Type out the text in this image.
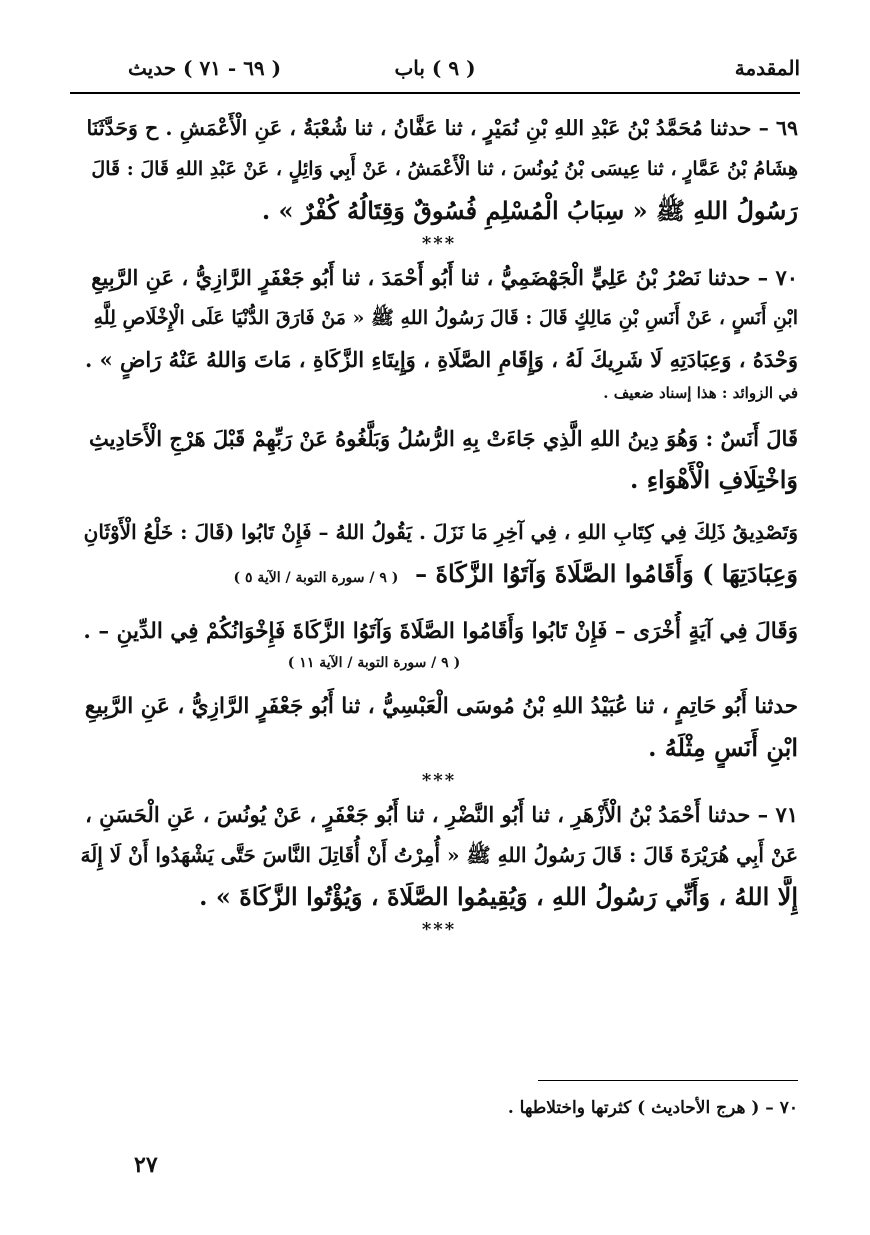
المقدمة
( ٩ ) باب
( ٦٩ - ٧١ ) حديث
٦٩ – حدثنا مُحَمَّدُ بْنُ عَبْدِ اللهِ بْنِ نُمَيْرٍ ، ثنا عَفَّانُ ، ثنا شُعْبَةُ ، عَنِ الْأَعْمَشِ . ح وَحَدَّثَنَا
هِشَامُ بْنُ عَمَّارٍ ، ثنا عِيسَى بْنُ يُونُسَ ، ثنا الْأَعْمَشُ ، عَنْ أَبِي وَائِلٍ ، عَنْ عَبْدِ اللهِ قَالَ : قَالَ
رَسُولُ اللهِ ﷺ « سِبَابُ الْمُسْلِمِ فُسُوقٌ وَقِتَالُهُ كُفْرٌ » .
***
٧٠ – حدثنا نَصْرُ بْنُ عَلِيٍّ الْجَهْضَمِيُّ ، ثنا أَبُو أَحْمَدَ ، ثنا أَبُو جَعْفَرٍ الرَّازِيُّ ، عَنِ الرَّبِيعِ
ابْنِ أَنَسٍ ، عَنْ أَنَسِ بْنِ مَالِكٍ قَالَ : قَالَ رَسُولُ اللهِ ﷺ « مَنْ فَارَقَ الدُّنْيَا عَلَى الْإِخْلَاصِ لِلَّهِ
وَحْدَهُ ، وَعِبَادَتِهِ لَا شَرِيكَ لَهُ ، وَإِقَامِ الصَّلَاةِ ، وَإِيتَاءِ الزَّكَاةِ ، مَاتَ وَاللهُ عَنْهُ رَاضٍ » .
في الزوائد : هذا إسناد ضعيف .
قَالَ أَنَسٌ : وَهُوَ دِينُ اللهِ الَّذِي جَاءَتْ بِهِ الرُّسُلُ وَبَلَّغُوهُ عَنْ رَبِّهِمْ قَبْلَ هَرْجِ الْأَحَادِيثِ
وَاخْتِلَافِ الْأَهْوَاءِ .
وَتَصْدِيقُ ذَلِكَ فِي كِتَابِ اللهِ ، فِي آخِرِ مَا نَزَلَ . يَقُولُ اللهُ – فَإِنْ تَابُوا (قَالَ : خَلْعُ الْأَوْثَانِ
وَعِبَادَتِهَا ) وَأَقَامُوا الصَّلَاةَ وَآتَوُا الزَّكَاةَ –  ( ٩ / سورة التوبة / الآية ٥ )
وَقَالَ فِي آيَةٍ أُخْرَى – فَإِنْ تَابُوا وَأَقَامُوا الصَّلَاةَ وَآتَوُا الزَّكَاةَ فَإِخْوَانُكُمْ فِي الدِّينِ – .
( ٩ / سورة التوبة / الآية ١١ )
حدثنا أَبُو حَاتِمٍ ، ثنا عُبَيْدُ اللهِ بْنُ مُوسَى الْعَبْسِيُّ ، ثنا أَبُو جَعْفَرٍ الرَّازِيُّ ، عَنِ الرَّبِيعِ
ابْنِ أَنَسٍ مِثْلَهُ .
***
٧١ – حدثنا أَحْمَدُ بْنُ الْأَزْهَرِ ، ثنا أَبُو النَّضْرِ ، ثنا أَبُو جَعْفَرٍ ، عَنْ يُونُسَ ، عَنِ الْحَسَنِ ،
عَنْ أَبِي هُرَيْرَةَ قَالَ : قَالَ رَسُولُ اللهِ ﷺ « أُمِرْتُ أَنْ أُقَاتِلَ النَّاسَ حَتَّى يَشْهَدُوا أَنْ لَا إِلَهَ
إِلَّا اللهُ ، وَأَنِّي رَسُولُ اللهِ ، وَيُقِيمُوا الصَّلَاةَ ، وَيُؤْتُوا الزَّكَاةَ » .
***
٧٠ – ( هرج الأحاديث ) كثرتها واختلاطها .
٢٧
